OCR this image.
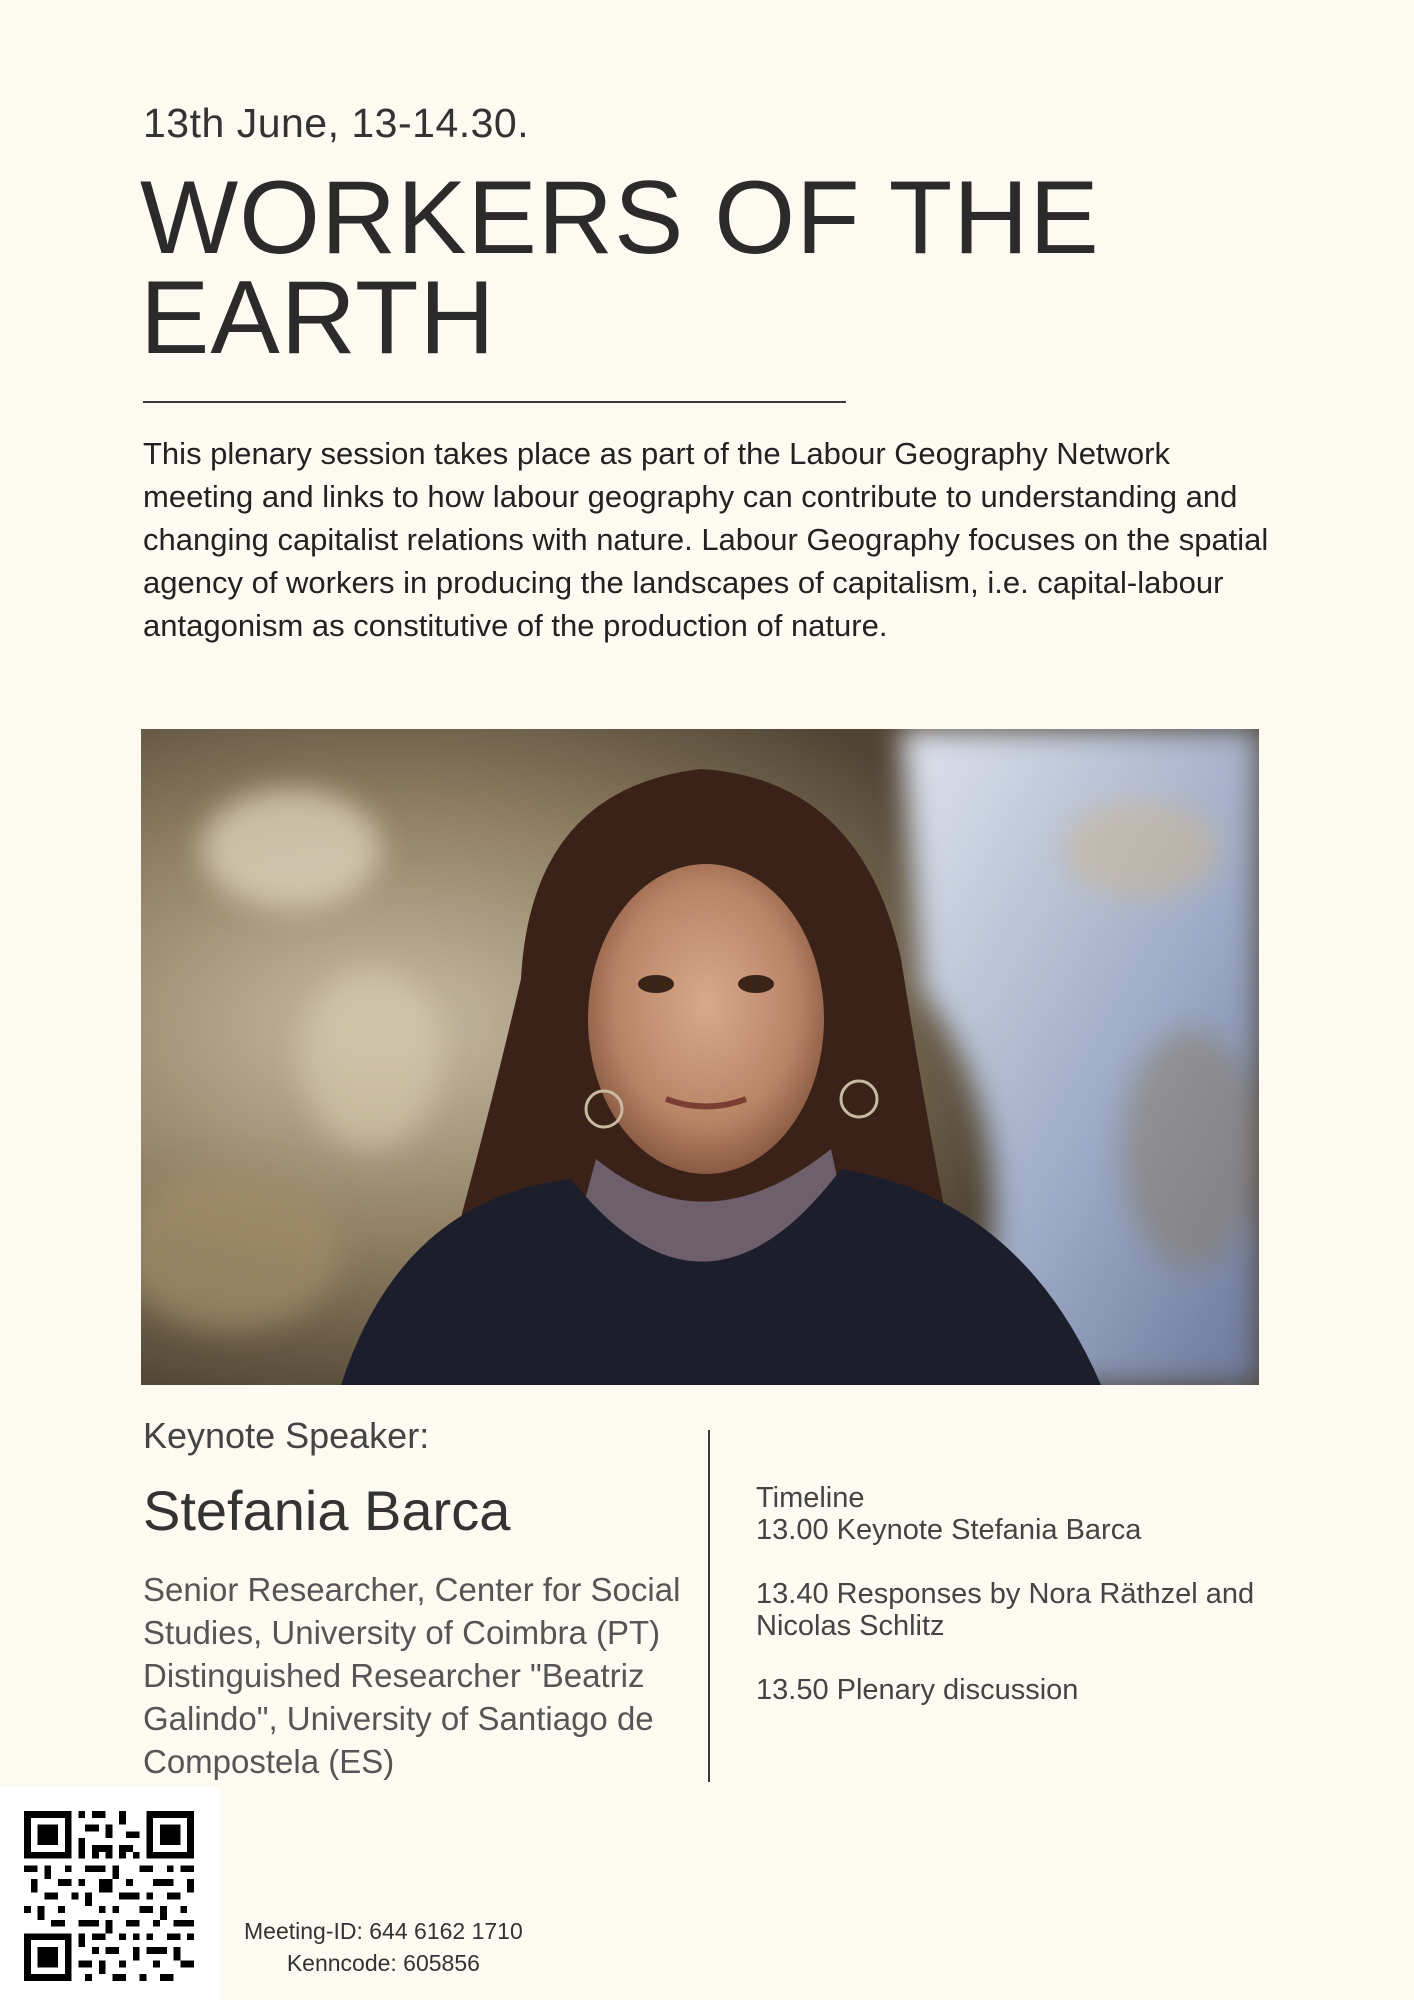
13th June, 13-14.30.
WORKERS OF THE
EARTH

This plenary session takes place as part of the Labour Geography Network meeting and links to how labour geography can contribute to understanding and changing capitalist relations with nature. Labour Geography focuses on the spatial agency of workers in producing the landscapes of capitalism, i.e. capital-labour antagonism as constitutive of the production of nature.

Keynote Speaker:
Stefania Barca
Senior Researcher, Center for Social
Studies, University of Coimbra (PT)
Distinguished Researcher "Beatriz
Galindo", University of Santiago de
Compostela (ES)
Timeline
13.00 Keynote Stefania Barca
13.40 Responses by Nora Räthzel and
Nicolas Schlitz
13.50 Plenary discussion
Meeting-ID: 644 6162 1710
Kenncode: 605856
